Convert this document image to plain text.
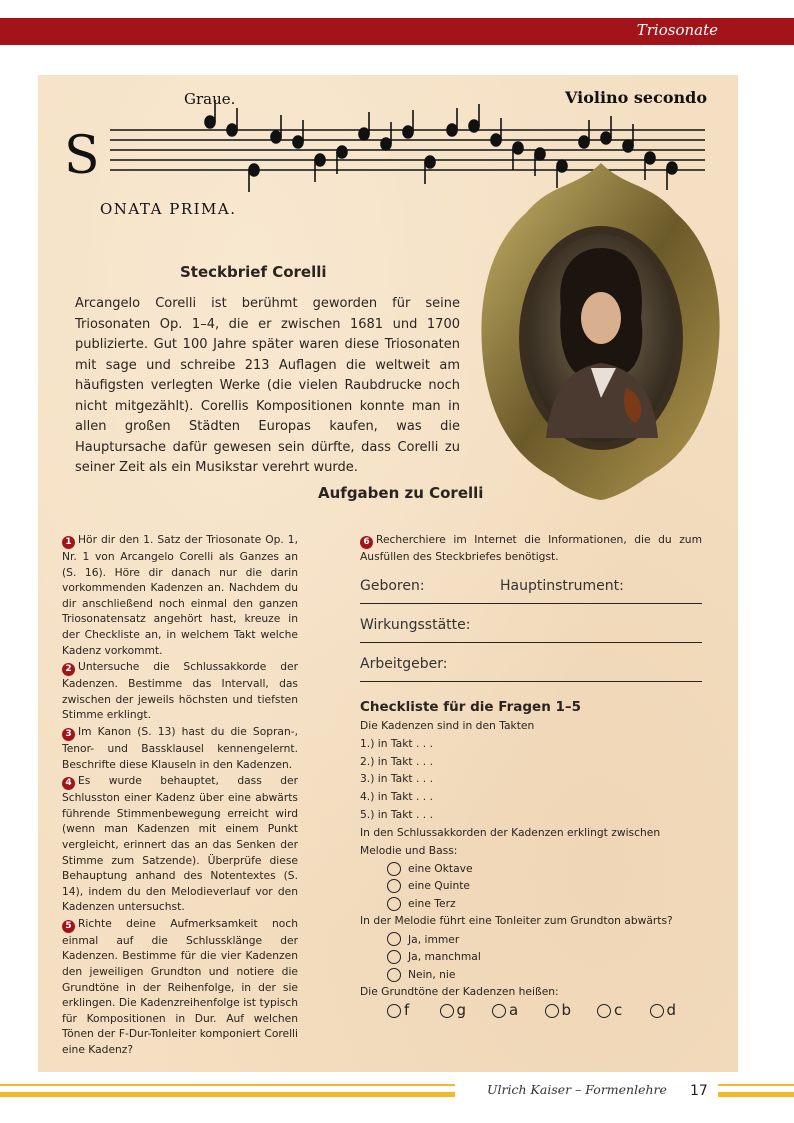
Triosonate
Graue.	Violino secondo
S
ONATA PRIMA.
Steckbrief Corelli
Arcangelo Corelli ist berühmt geworden für seine Triosonaten Op. 1–4, die er zwischen 1681 und 1700 publizierte. Gut 100 Jahre später waren diese Triosonaten mit sage und schreibe 213 Auflagen die weltweit am häufigsten verlegten Werke (die vielen Raubdrucke noch nicht mitgezählt). Corellis Kompositionen konnte man in allen großen Städten Europas kaufen, was die Hauptursache dafür gewesen sein dürfte, dass Corelli zu seiner Zeit als ein Musikstar verehrt wurde.
Aufgaben zu Corelli

1 Hör dir den 1. Satz der Triosonate Op. 1, Nr. 1 von Arcangelo Corelli als Ganzes an (S. 16). Höre dir danach nur die darin vorkommenden Kadenzen an. Nachdem du dir anschließend noch einmal den ganzen Triosonatensatz angehört hast, kreuze in der Checkliste an, in welchem Takt welche Kadenz vorkommt.

2 Untersuche die Schlussakkorde der Kadenzen. Bestimme das Intervall, das zwischen der jeweils höchsten und tiefsten Stimme erklingt.

3 Im Kanon (S. 13) hast du die Sopran-, Tenor- und Bassklausel kennengelernt. Beschrifte diese Klauseln in den Kadenzen.

4 Es wurde behauptet, dass der Schlusston einer Kadenz über eine abwärts führende Stimmenbewegung erreicht wird (wenn man Kadenzen mit einem Punkt vergleicht, erinnert das an das Senken der Stimme zum Satzende). Überprüfe diese Behauptung anhand des Notentextes (S. 14), indem du den Melodieverlauf vor den Kadenzen untersuchst.

5 Richte deine Aufmerksamkeit noch einmal auf die Schlussklänge der Kadenzen. Bestimme für die vier Kadenzen den jeweiligen Grundton und notiere die Grundtöne in der Reihenfolge, in der sie erklingen. Die Kadenzreihenfolge ist typisch für Kompositionen in Dur. Auf welchen Tönen der F-Dur-Tonleiter komponiert Corelli eine Kadenz?

6 Recherchiere im Internet die Informationen, die du zum Ausfüllen des Steckbriefes benötigst.

Geboren:	Hauptinstrument:
Wirkungsstätte:
Arbeitgeber:
Checkliste für die Fragen 1–5
Die Kadenzen sind in den Takten
1.) in Takt . . .
2.) in Takt . . .
3.) in Takt . . .
4.) in Takt . . .
5.) in Takt . . .
In den Schlussakkorden der Kadenzen erklingt zwischen Melodie und Bass:
eine Oktave
eine Quinte
eine Terz
In der Melodie führt eine Tonleiter zum Grundton abwärts?
Ja, immer
Ja, manchmal
Nein, nie
Die Grundtöne der Kadenzen heißen:
f	g	a	b	c	d
Ulrich Kaiser – Formenlehre 17
